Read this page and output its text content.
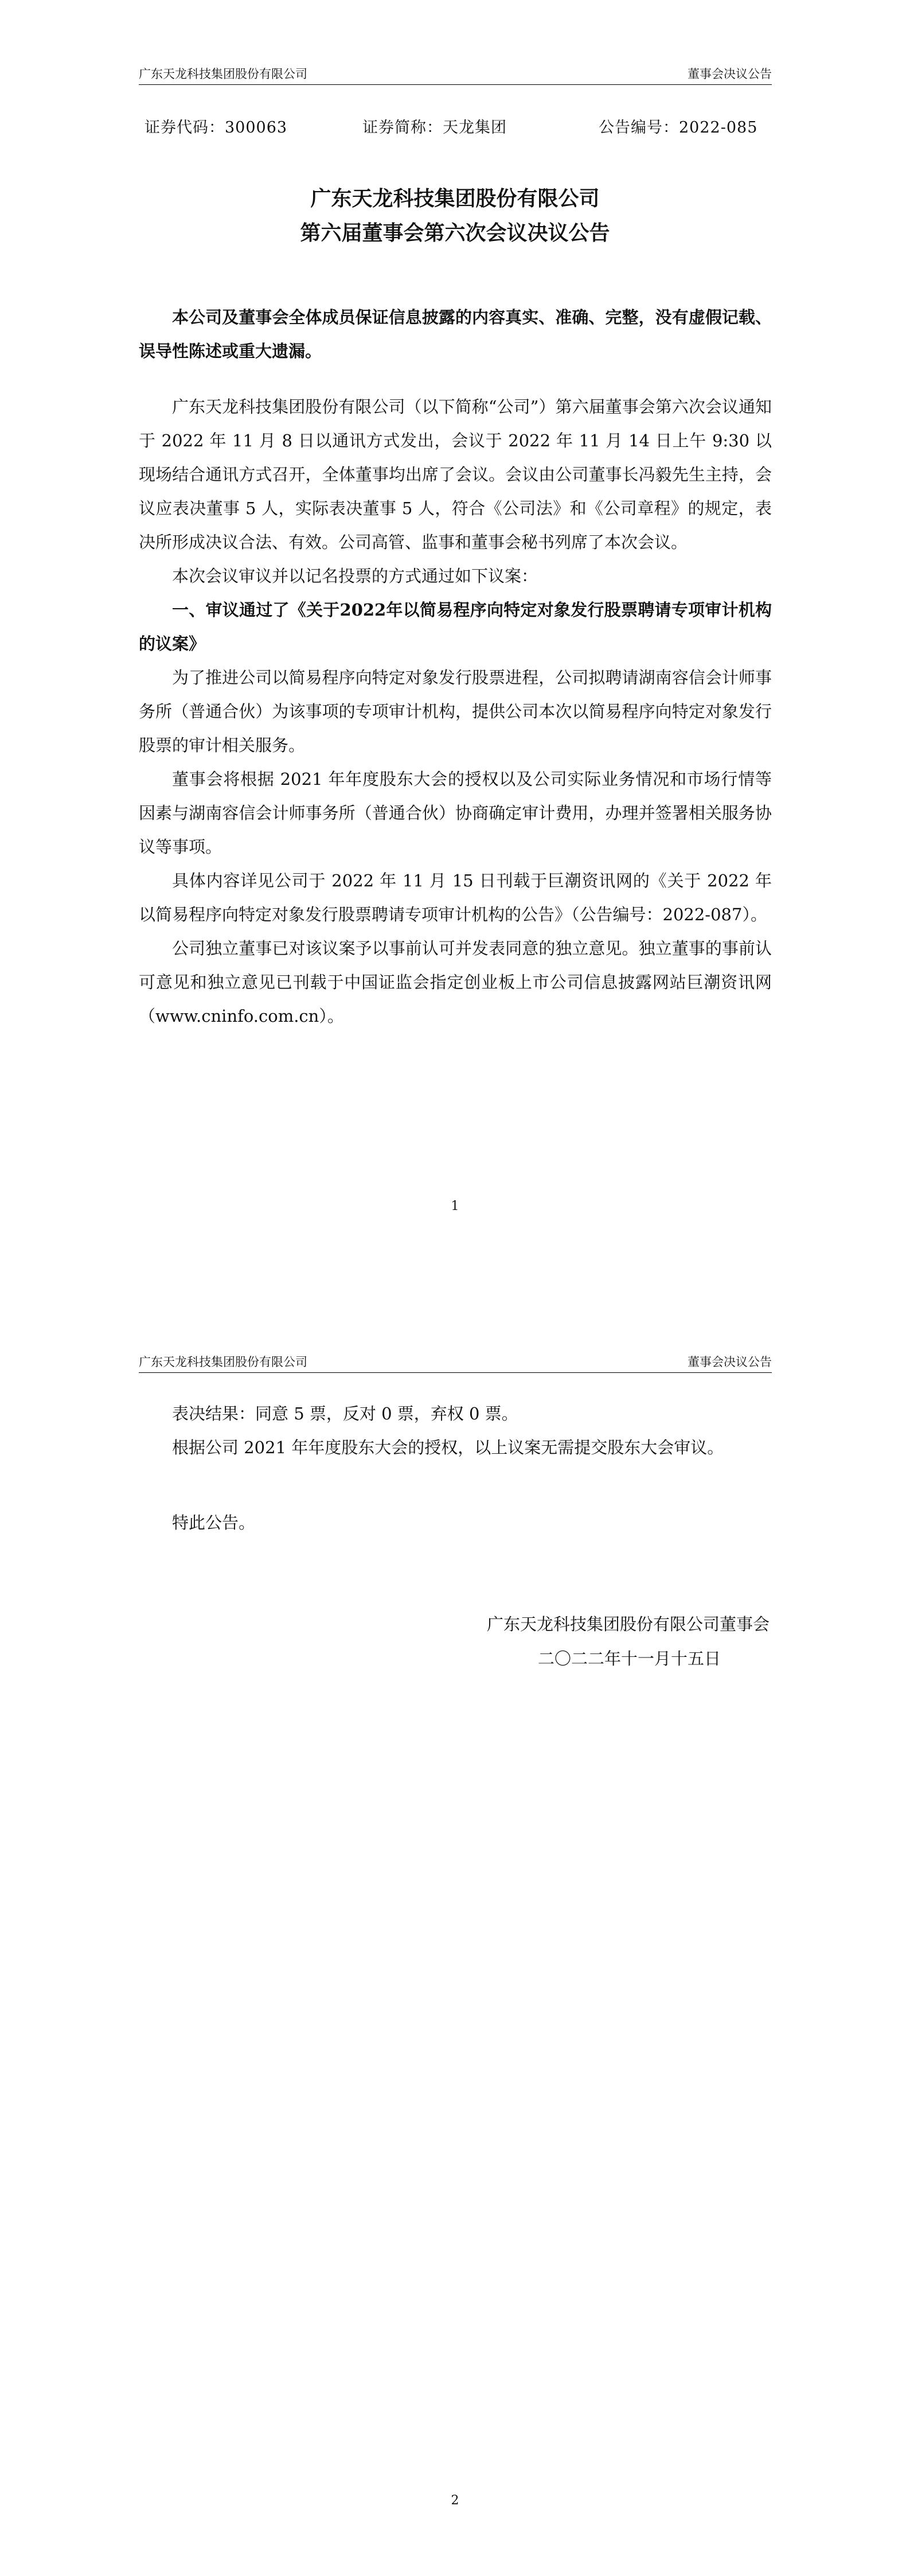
广东天龙科技集团股份有限公司	董事会决议公告
证券代码：300063	证券简称：天龙集团	公告编号：2022-085
广东天龙科技集团股份有限公司
第六届董事会第六次会议决议公告

本公司及董事会全体成员保证信息披露的内容真实、准确、完整，没有虚假记载、误导性陈述或重大遗漏。

广东天龙科技集团股份有限公司（以下简称“公司”）第六届董事会第六次会议通知于 2022 年 11 月 8 日以通讯方式发出，会议于 2022 年 11 月 14 日上午 9:30 以现场结合通讯方式召开，全体董事均出席了会议。会议由公司董事长冯毅先生主持，会议应表决董事 5 人，实际表决董事 5 人，符合《公司法》和《公司章程》的规定，表决所形成决议合法、有效。公司高管、监事和董事会秘书列席了本次会议。

本次会议审议并以记名投票的方式通过如下议案：

一、审议通过了《关于2022年以简易程序向特定对象发行股票聘请专项审计机构的议案》

为了推进公司以简易程序向特定对象发行股票进程，公司拟聘请湖南容信会计师事务所（普通合伙）为该事项的专项审计机构，提供公司本次以简易程序向特定对象发行股票的审计相关服务。

董事会将根据 2021 年年度股东大会的授权以及公司实际业务情况和市场行情等因素与湖南容信会计师事务所（普通合伙）协商确定审计费用，办理并签署相关服务协议等事项。

具体内容详见公司于 2022 年 11 月 15 日刊载于巨潮资讯网的《关于 2022 年以简易程序向特定对象发行股票聘请专项审计机构的公告》（公告编号：2022-087）。

公司独立董事已对该议案予以事前认可并发表同意的独立意见。独立董事的事前认可意见和独立意见已刊载于中国证监会指定创业板上市公司信息披露网站巨潮资讯网（www.cninfo.com.cn）。

1
广东天龙科技集团股份有限公司	董事会决议公告

表决结果：同意 5 票，反对 0 票，弃权 0 票。

根据公司 2021 年年度股东大会的授权，以上议案无需提交股东大会审议。

特此公告。

广东天龙科技集团股份有限公司董事会
二〇二二年十一月十五日
2
